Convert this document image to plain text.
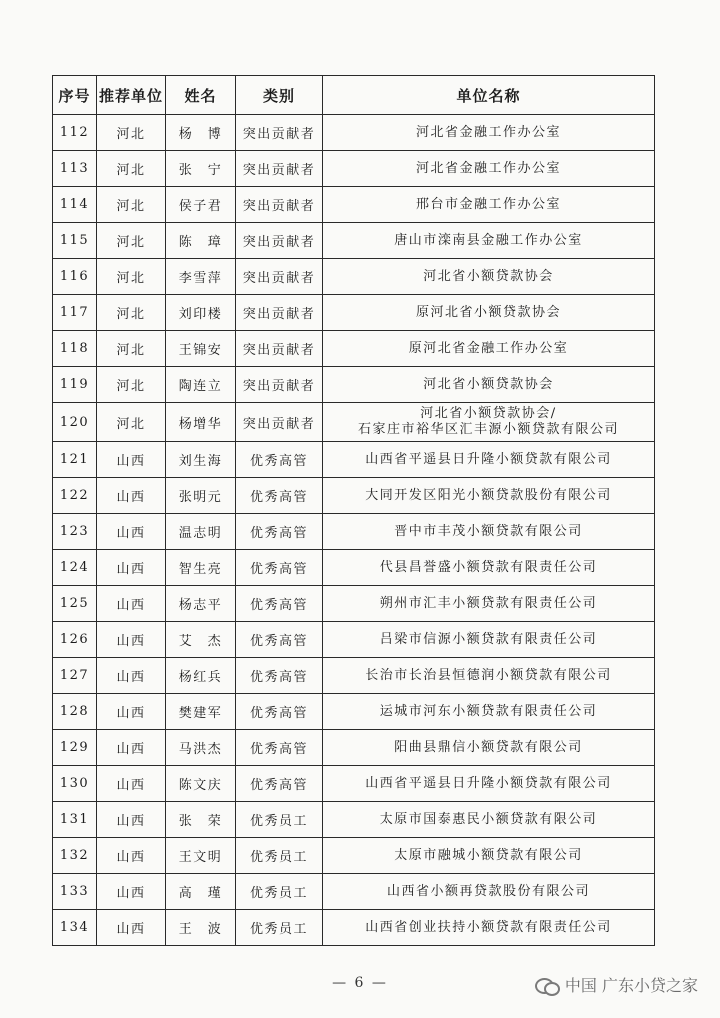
序号	推荐单位	姓名	类别	单位名称
112	河北	杨　博	突出贡献者	河北省金融工作办公室

113	河北	张　宁	突出贡献者	河北省金融工作办公室

114	河北	侯子君	突出贡献者	邢台市金融工作办公室

115	河北	陈　璋	突出贡献者	唐山市滦南县金融工作办公室

116	河北	李雪萍	突出贡献者	河北省小额贷款协会

117	河北	刘印楼	突出贡献者	原河北省小额贷款协会

118	河北	王锦安	突出贡献者	原河北省金融工作办公室

119	河北	陶连立	突出贡献者	河北省小额贷款协会

120	河北	杨增华	突出贡献者	河北省小额贷款协会/
石家庄市裕华区汇丰源小额贷款有限公司

121	山西	刘生海	优秀高管	山西省平遥县日升隆小额贷款有限公司

122	山西	张明元	优秀高管	大同开发区阳光小额贷款股份有限公司

123	山西	温志明	优秀高管	晋中市丰茂小额贷款有限公司

124	山西	智生亮	优秀高管	代县昌誉盛小额贷款有限责任公司

125	山西	杨志平	优秀高管	朔州市汇丰小额贷款有限责任公司

126	山西	艾　杰	优秀高管	吕梁市信源小额贷款有限责任公司

127	山西	杨红兵	优秀高管	长治市长治县恒德润小额贷款有限公司

128	山西	樊建军	优秀高管	运城市河东小额贷款有限责任公司

129	山西	马洪杰	优秀高管	阳曲县鼎信小额贷款有限公司

130	山西	陈文庆	优秀高管	山西省平遥县日升隆小额贷款有限公司

131	山西	张　荣	优秀员工	太原市国泰惠民小额贷款有限公司

132	山西	王文明	优秀员工	太原市融城小额贷款有限公司

133	山西	高　瑾	优秀员工	山西省小额再贷款股份有限公司

134	山西	王　波	优秀员工	山西省创业扶持小额贷款有限责任公司
— 6 —	中国 广东小贷之家
